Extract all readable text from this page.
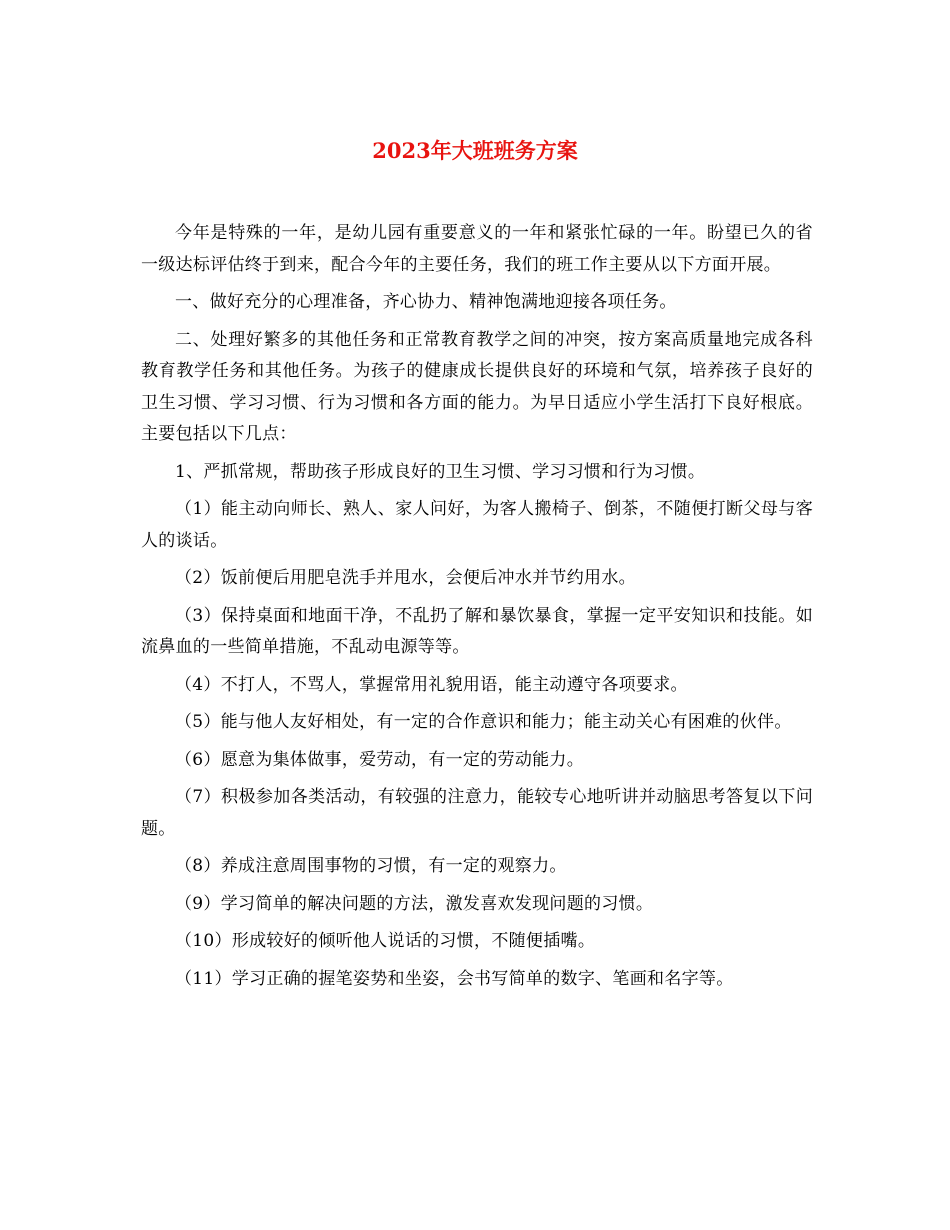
2023年大班班务方案

今年是特殊的一年，是幼儿园有重要意义的一年和紧张忙碌的一年。盼望已久的省一级达标评估终于到来，配合今年的主要任务，我们的班工作主要从以下方面开展。

一、做好充分的心理准备，齐心协力、精神饱满地迎接各项任务。

二、处理好繁多的其他任务和正常教育教学之间的冲突，按方案高质量地完成各科教育教学任务和其他任务。为孩子的健康成长提供良好的环境和气氛，培养孩子良好的卫生习惯、学习习惯、行为习惯和各方面的能力。为早日适应小学生活打下良好根底。主要包括以下几点：

1、严抓常规，帮助孩子形成良好的卫生习惯、学习习惯和行为习惯。

（1）能主动向师长、熟人、家人问好，为客人搬椅子、倒茶，不随便打断父母与客人的谈话。

（2）饭前便后用肥皂洗手并甩水，会便后冲水并节约用水。

（3）保持桌面和地面干净，不乱扔了解和暴饮暴食，掌握一定平安知识和技能。如流鼻血的一些简单措施，不乱动电源等等。

（4）不打人，不骂人，掌握常用礼貌用语，能主动遵守各项要求。

（5）能与他人友好相处，有一定的合作意识和能力；能主动关心有困难的伙伴。

（6）愿意为集体做事，爱劳动，有一定的劳动能力。

（7）积极参加各类活动，有较强的注意力，能较专心地听讲并动脑思考答复以下问题。

（8）养成注意周围事物的习惯，有一定的观察力。

（9）学习简单的解决问题的方法，激发喜欢发现问题的习惯。

（10）形成较好的倾听他人说话的习惯，不随便插嘴。

（11）学习正确的握笔姿势和坐姿，会书写简单的数字、笔画和名字等。
